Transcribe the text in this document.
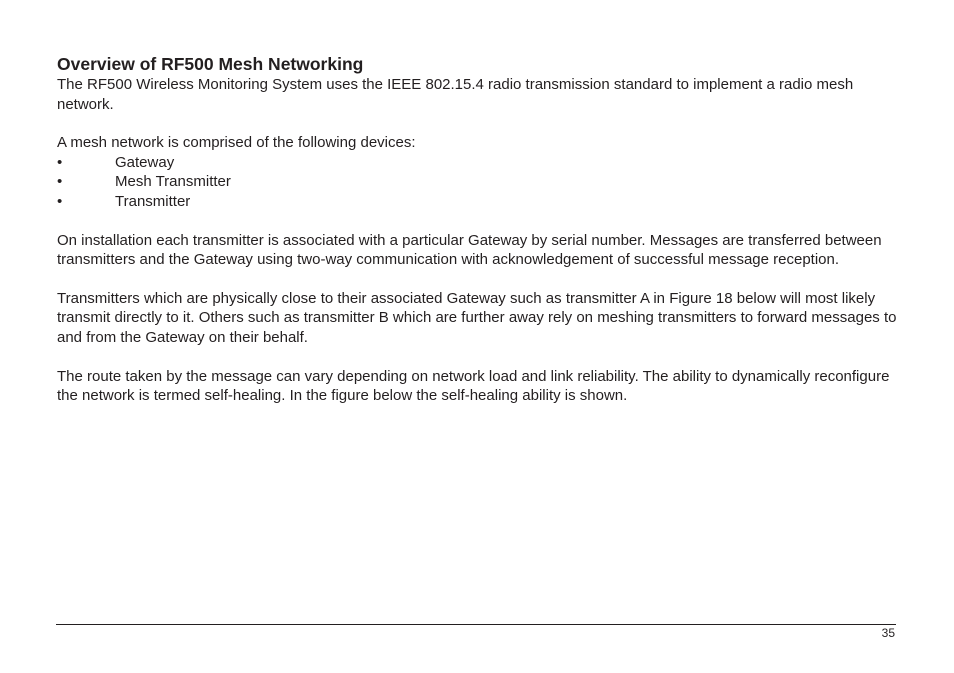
Overview of RF500 Mesh Networking

The RF500 Wireless Monitoring System uses the IEEE 802.15.4 radio transmission standard to implement a radio mesh network.

A mesh network is comprised of the following devices:

•	Gateway
•	Mesh Transmitter
•	Transmitter

On installation each transmitter is associated with a particular Gateway by serial number. Messages are transferred between transmitters and the Gateway using two-way communication with acknowledgement of successful message reception.

Transmitters which are physically close to their associated Gateway such as transmitter A in Figure 18 below will most likely transmit directly to it. Others such as transmitter B which are further away rely on meshing transmitters to forward messages to and from the Gateway on their behalf.

The route taken by the message can vary depending on network load and link reliability. The ability to dynamically reconfigure the network is termed self-healing. In the figure below the self-healing ability is shown.

35
